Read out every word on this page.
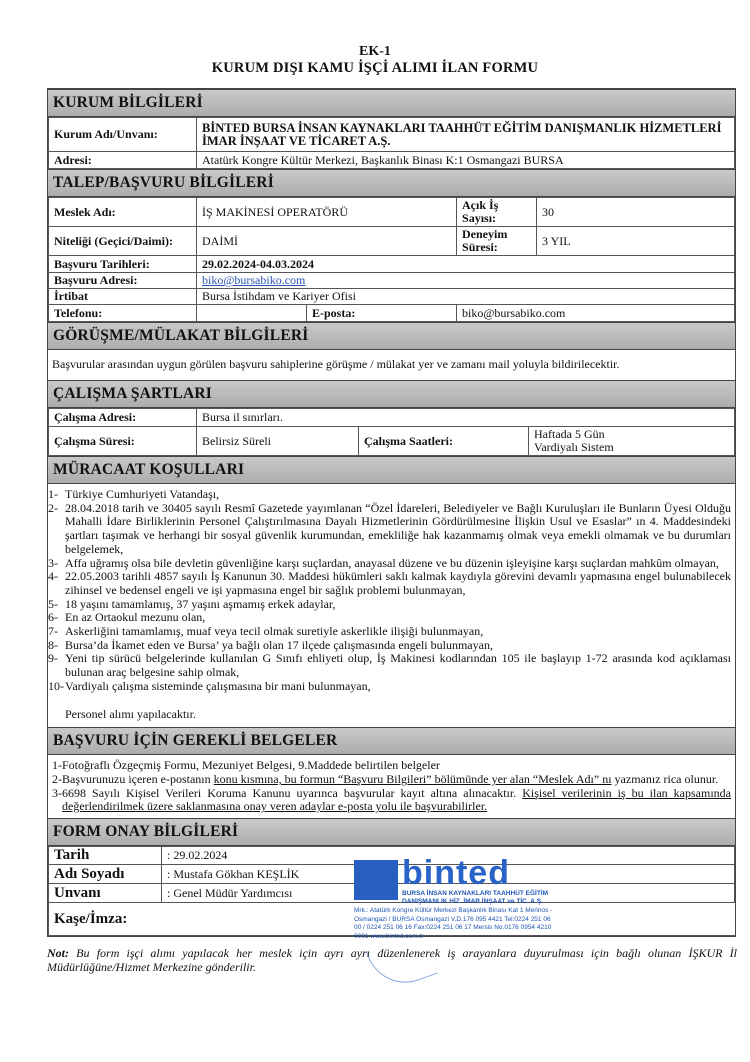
EK-1
KURUM DIŞI KAMU İŞÇİ ALIMI İLAN FORMU
KURUM BİLGİLERİ
Kurum Adı/Unvanı:	BİNTED BURSA İNSAN KAYNAKLARI TAAHHÜT EĞİTİM DANIŞMANLIK HİZMETLERİ İMAR İNŞAAT VE TİCARET A.Ş.
Adresi:	Atatürk Kongre Kültür Merkezi, Başkanlık Binası K:1 Osmangazi BURSA
TALEP/BAŞVURU BİLGİLERİ
Meslek Adı:	İŞ MAKİNESİ OPERATÖRÜ		Açık İş Sayısı:	30
Niteliği (Geçici/Daimi):	DAİMİ		Deneyim Süresi:	3 YIL
Başvuru Tarihleri:	29.02.2024-04.03.2024			
Başvuru Adresi:	biko@bursabiko.com			
İrtibat	Bursa İstihdam ve Kariyer Ofisi			
Telefonu:		E-posta:	biko@bursabiko.com	
GÖRÜŞME/MÜLAKAT BİLGİLERİ
Başvurular arasından uygun görülen başvuru sahiplerine görüşme / mülakat yer ve zamanı mail yoluyla bildirilecektir.
ÇALIŞMA ŞARTLARI
Çalışma Adresi:	Bursa il sınırları.		
Çalışma Süresi:	Belirsiz Süreli	Çalışma Saatleri:	Haftada 5 Gün
Vardiyalı Sistem
MÜRACAAT KOŞULLARI
1- Türkiye Cumhuriyeti Vatandaşı,
2- 28.04.2018 tarih ve 30405 sayılı Resmî Gazetede yayımlanan “Özel İdareleri, Belediyeler ve Bağlı Kuruluşları ile Bunların Üyesi Olduğu Mahalli İdare Birliklerinin Personel Çalıştırılmasına Dayalı Hizmetlerinin Gördürülmesine İlişkin Usul ve Esaslar” ın 4. Maddesindeki şartları taşımak ve herhangi bir sosyal güvenlik kurumundan, emekliliğe hak kazanmamış olmak veya emekli olmamak ve bu durumları belgelemek,
3- Affa uğramış olsa bile devletin güvenliğine karşı suçlardan, anayasal düzene ve bu düzenin işleyişine karşı suçlardan mahkûm olmayan,
4- 22.05.2003 tarihli 4857 sayılı İş Kanunun 30. Maddesi hükümleri saklı kalmak kaydıyla görevini devamlı yapmasına engel bulunabilecek zihinsel ve bedensel engeli ve işi yapmasına engel bir sağlık problemi bulunmayan,
5- 18 yaşını tamamlamış, 37 yaşını aşmamış erkek adaylar,
6- En az Ortaokul mezunu olan,
7- Askerliğini tamamlamış, muaf veya tecil olmak suretiyle askerlikle ilişiği bulunmayan,
8- Bursa’da İkamet eden ve Bursa’ ya bağlı olan 17 ilçede çalışmasında engeli bulunmayan,
9- Yeni tip sürücü belgelerinde kullanılan G Sınıfı ehliyeti olup, İş Makinesi kodlarından 105 ile başlayıp 1-72 arasında kod açıklaması bulunan araç belgesine sahip olmak,
10- Vardiyalı çalışma sisteminde çalışmasına bir mani bulunmayan,
Personel alımı yapılacaktır.
BAŞVURU İÇİN GEREKLİ BELGELER
1-Fotoğraflı Özgeçmiş Formu, Mezuniyet Belgesi, 9.Maddede belirtilen belgeler
2-Başvurunuzu içeren e-postanın konu kısmına, bu formun “Başvuru Bilgileri” bölümünde yer alan “Meslek Adı” nı yazmanız rica olunur.
3-6698 Sayılı Kişisel Verileri Koruma Kanunu uyarınca başvurular kayıt altına alınacaktır. Kişisel verilerinin iş bu ilan kapsamında değerlendirilmek üzere saklanmasına onay veren adaylar e-posta yolu ile başvurabilirler.
FORM ONAY BİLGİLERİ
Tarih	: 29.02.2024
Adı Soyadı	: Mustafa Gökhan KEŞLİK
Unvanı	: Genel Müdür Yardımcısı
Kaşe/İmza:	
binted
BURSA İNSAN KAYNAKLARI TAAHHÜT EĞİTİM DANIŞMANLIK HİZ. İMAR İNŞAAT ve TİC. A.Ş.
Mrk.: Atatürk Kongre Kültür Merkezi Başkanlık Binası Kat 1 Merinos - Osmangazi / BURSA Osmangazi V.D.176 095 4421 Tel:0224 251 06 00 / 0224 251 06 16 Fax:0224 251 06 17 Mersis No.0176 0954 4210 0001 www.binted.com.tr
Not: Bu form işçi alımı yapılacak her meslek için ayrı ayrı düzenlenerek iş arayanlara duyurulması için bağlı olunan İŞKUR İl Müdürlüğüne/Hizmet Merkezine gönderilir.
